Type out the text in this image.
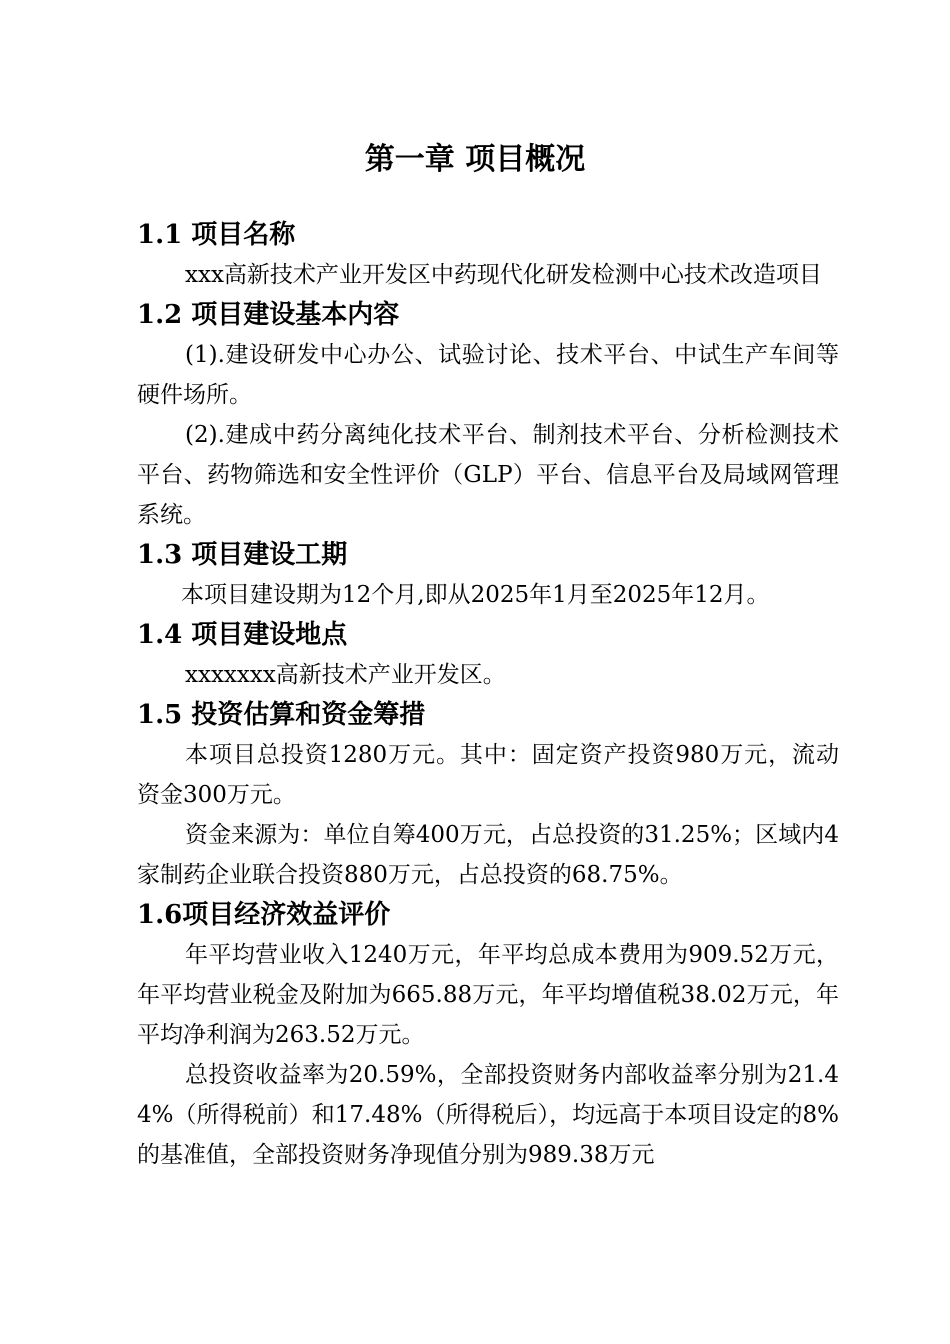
第一章 项目概况
1.1 项目名称

xxx高新技术产业开发区中药现代化研发检测中心技术改造项目

1.2 项目建设基本内容

(1).建设研发中心办公、试验讨论、技术平台、中试生产车间等硬件场所。

(2).建成中药分离纯化技术平台、制剂技术平台、分析检测技术平台、药物筛选和安全性评价（GLP）平台、信息平台及局域网管理系统。

1.3 项目建设工期

本项目建设期为12个月,即从2025年1月至2025年12月。

1.4 项目建设地点

xxxxxxx高新技术产业开发区。

1.5 投资估算和资金筹措

本项目总投资1280万元。其中：固定资产投资980万元，流动资金300万元。

资金来源为：单位自筹400万元，占总投资的31.25%；区域内4家制药企业联合投资880万元，占总投资的68.75%。

1.6项目经济效益评价

年平均营业收入1240万元，年平均总成本费用为909.52万元，年平均营业税金及附加为665.88万元，年平均增值税38.02万元，年平均净利润为263.52万元。

总投资收益率为20.59%，全部投资财务内部收益率分别为21.44%（所得税前）和17.48%（所得税后），均远高于本项目设定的8%的基准值，全部投资财务净现值分别为989.38万元
